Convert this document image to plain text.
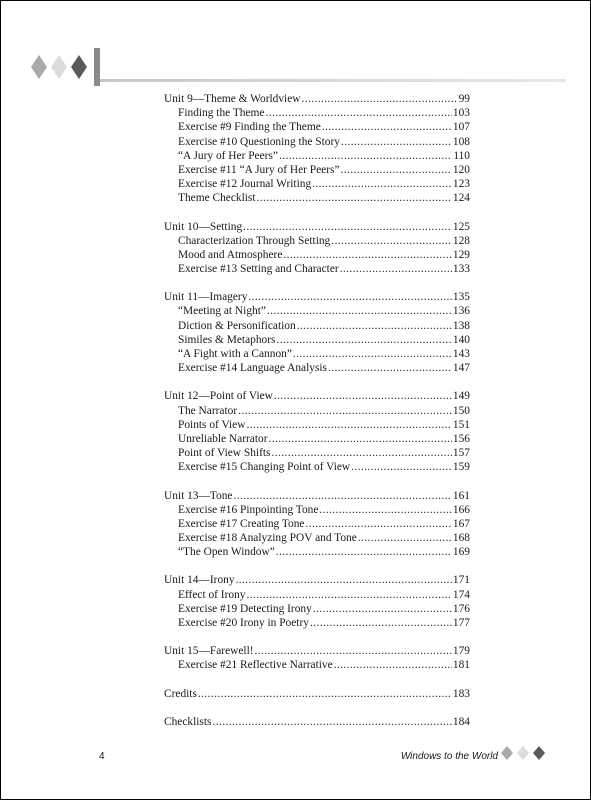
Unit 9—Theme & Worldview .....	99
Finding the Theme .....	103
Exercise #9 Finding the Theme .....	107
Exercise #10 Questioning the Story .....	108
“A Jury of Her Peers” .....	110
Exercise #11 “A Jury of Her Peers” .....	120
Exercise #12 Journal Writing .....	123
Theme Checklist .....	124
Unit 10—Setting .....	125
Characterization Through Setting .....	128
Mood and Atmosphere .....	129
Exercise #13 Setting and Character .....	133
Unit 11—Imagery .....	135
“Meeting at Night” .....	136
Diction & Personification .....	138
Similes & Metaphors .....	140
“A Fight with a Cannon” .....	143
Exercise #14 Language Analysis .....	147
Unit 12—Point of View .....	149
The Narrator .....	150
Points of View .....	151
Unreliable Narrator .....	156
Point of View Shifts .....	157
Exercise #15 Changing Point of View .....	159
Unit 13—Tone .....	161
Exercise #16 Pinpointing Tone .....	166
Exercise #17 Creating Tone .....	167
Exercise #18 Analyzing POV and Tone .....	168
“The Open Window” .....	169
Unit 14—Irony .....	171
Effect of Irony .....	174
Exercise #19 Detecting Irony .....	176
Exercise #20 Irony in Poetry .....	177
Unit 15—Farewell! .....	179
Exercise #21 Reflective Narrative .....	181
Credits .....	183
Checklists .....	184
4	Windows to the World
